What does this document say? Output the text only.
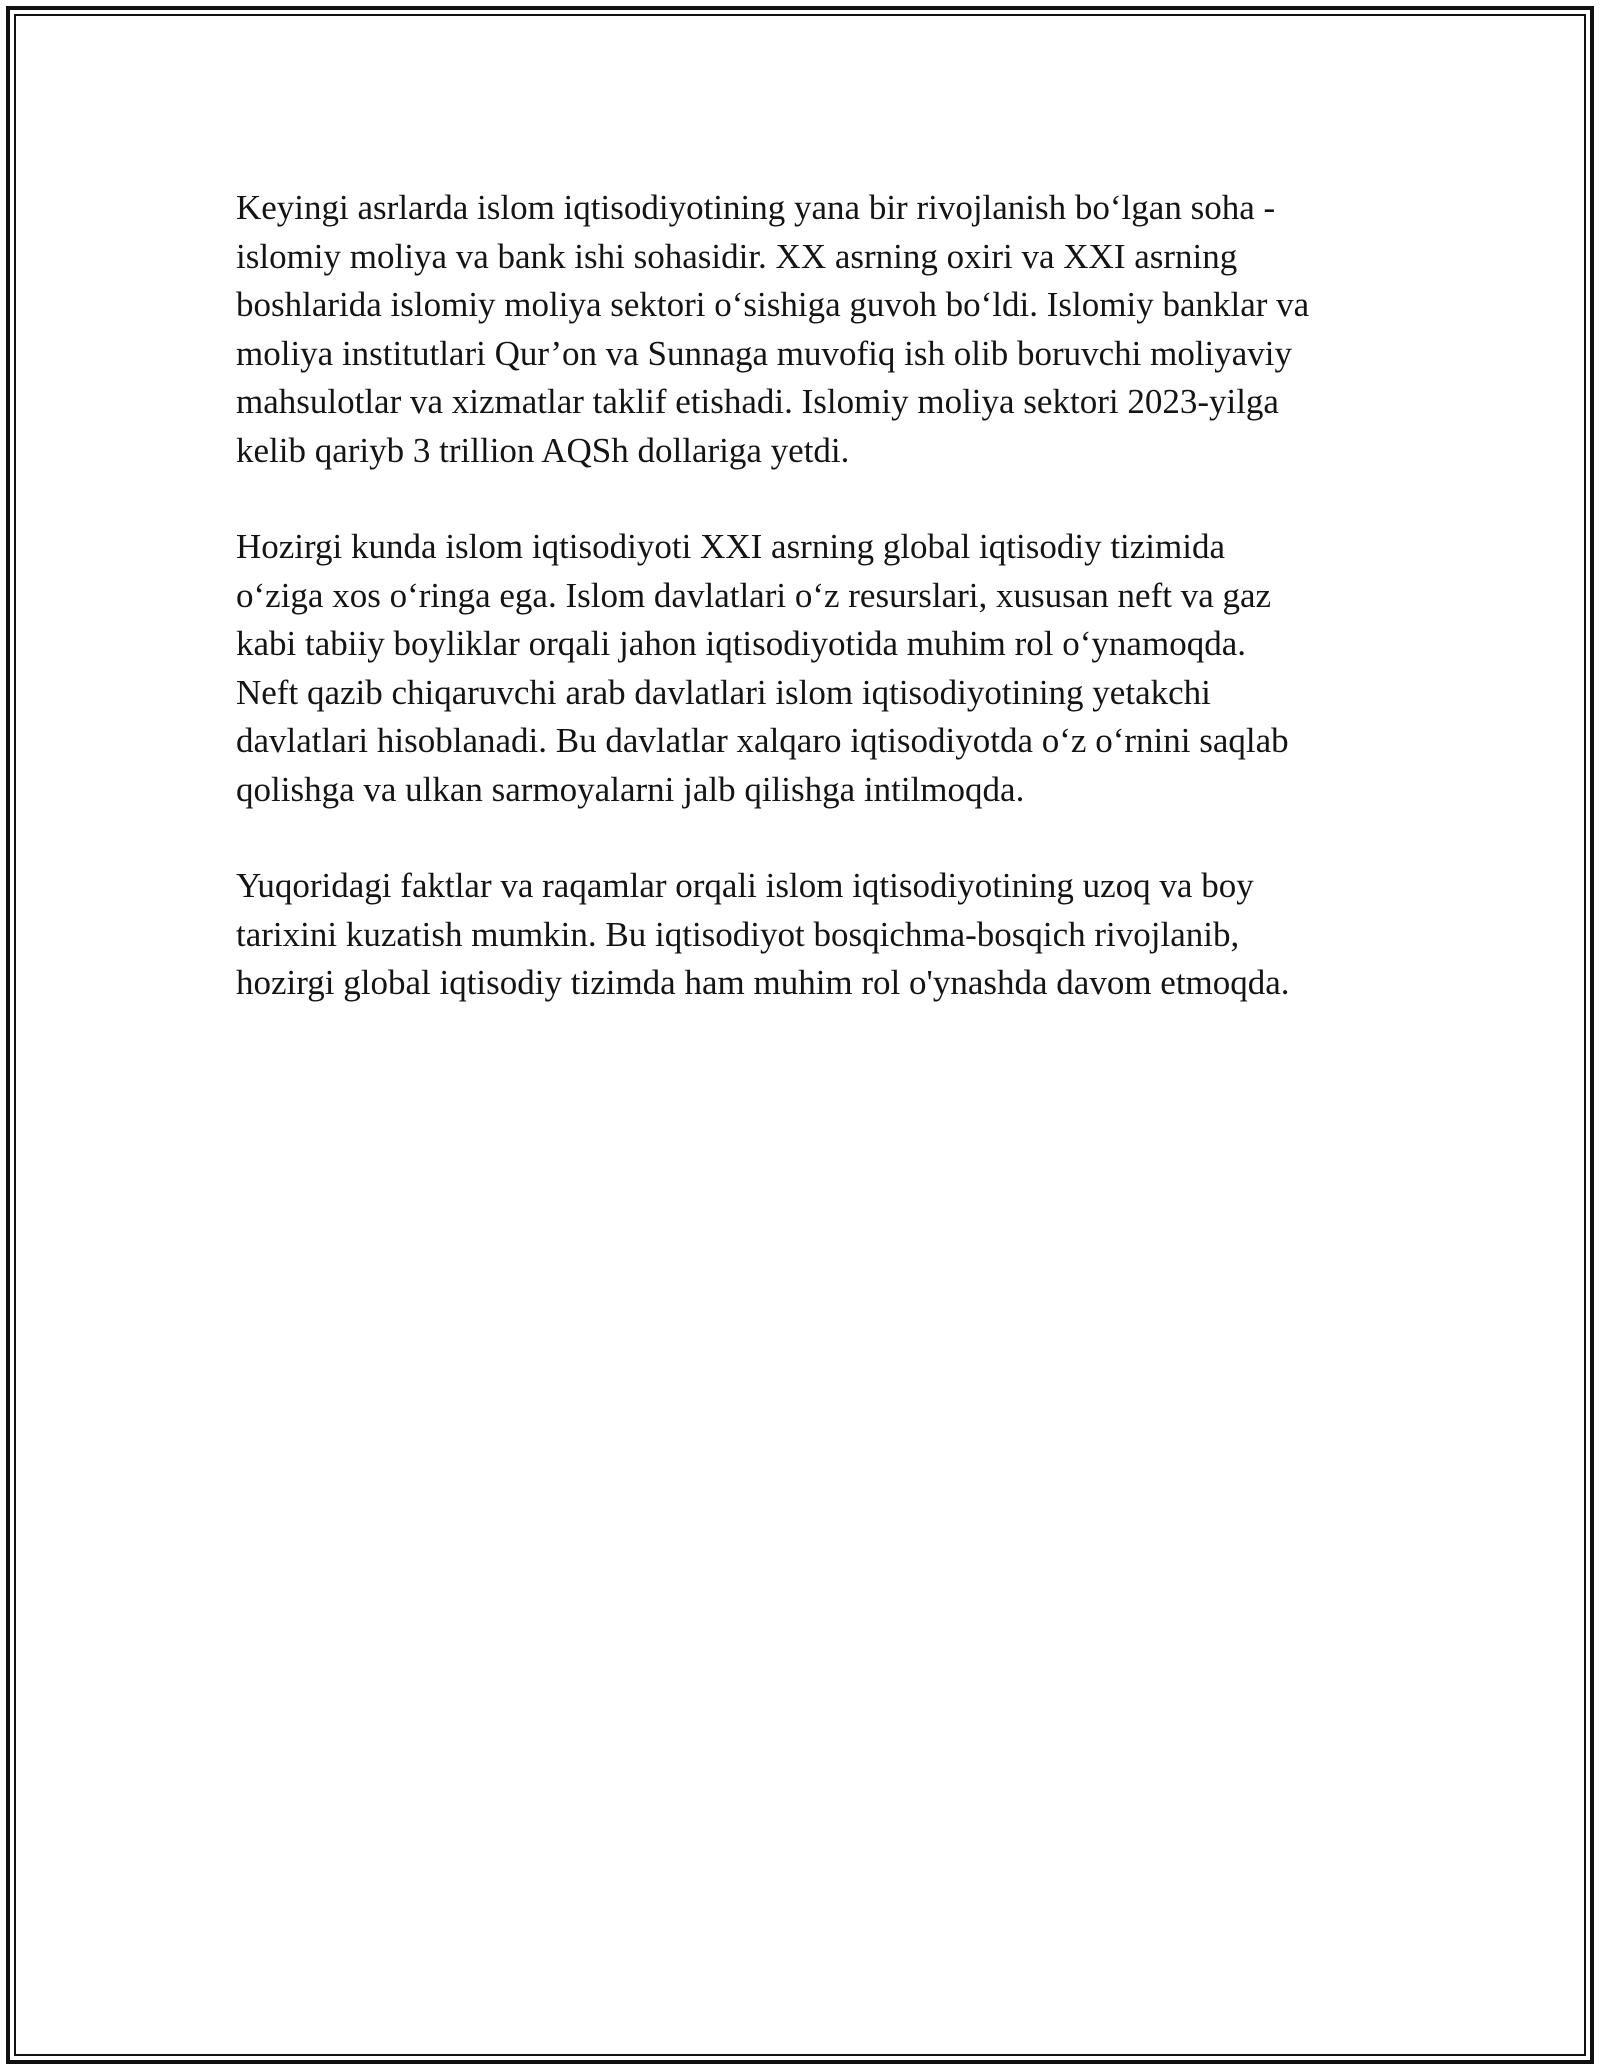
Keyingi asrlarda islom iqtisodiyotining yana bir rivojlanish bo‘lgan soha -
islomiy moliya va bank ishi sohasidir. XX asrning oxiri va XXI asrning
boshlarida islomiy moliya sektori o‘sishiga guvoh bo‘ldi. Islomiy banklar va
moliya institutlari Qur’on va Sunnaga muvofiq ish olib boruvchi moliyaviy
mahsulotlar va xizmatlar taklif etishadi. Islomiy moliya sektori 2023-yilga
kelib qariyb 3 trillion AQSh dollariga yetdi.

Hozirgi kunda islom iqtisodiyoti XXI asrning global iqtisodiy tizimida
o‘ziga xos o‘ringa ega. Islom davlatlari o‘z resurslari, xususan neft va gaz
kabi tabiiy boyliklar orqali jahon iqtisodiyotida muhim rol o‘ynamoqda.
Neft qazib chiqaruvchi arab davlatlari islom iqtisodiyotining yetakchi
davlatlari hisoblanadi. Bu davlatlar xalqaro iqtisodiyotda o‘z o‘rnini saqlab
qolishga va ulkan sarmoyalarni jalb qilishga intilmoqda.

Yuqoridagi faktlar va raqamlar orqali islom iqtisodiyotining uzoq va boy
tarixini kuzatish mumkin. Bu iqtisodiyot bosqichma-bosqich rivojlanib,
hozirgi global iqtisodiy tizimda ham muhim rol o'ynashda davom etmoqda.
